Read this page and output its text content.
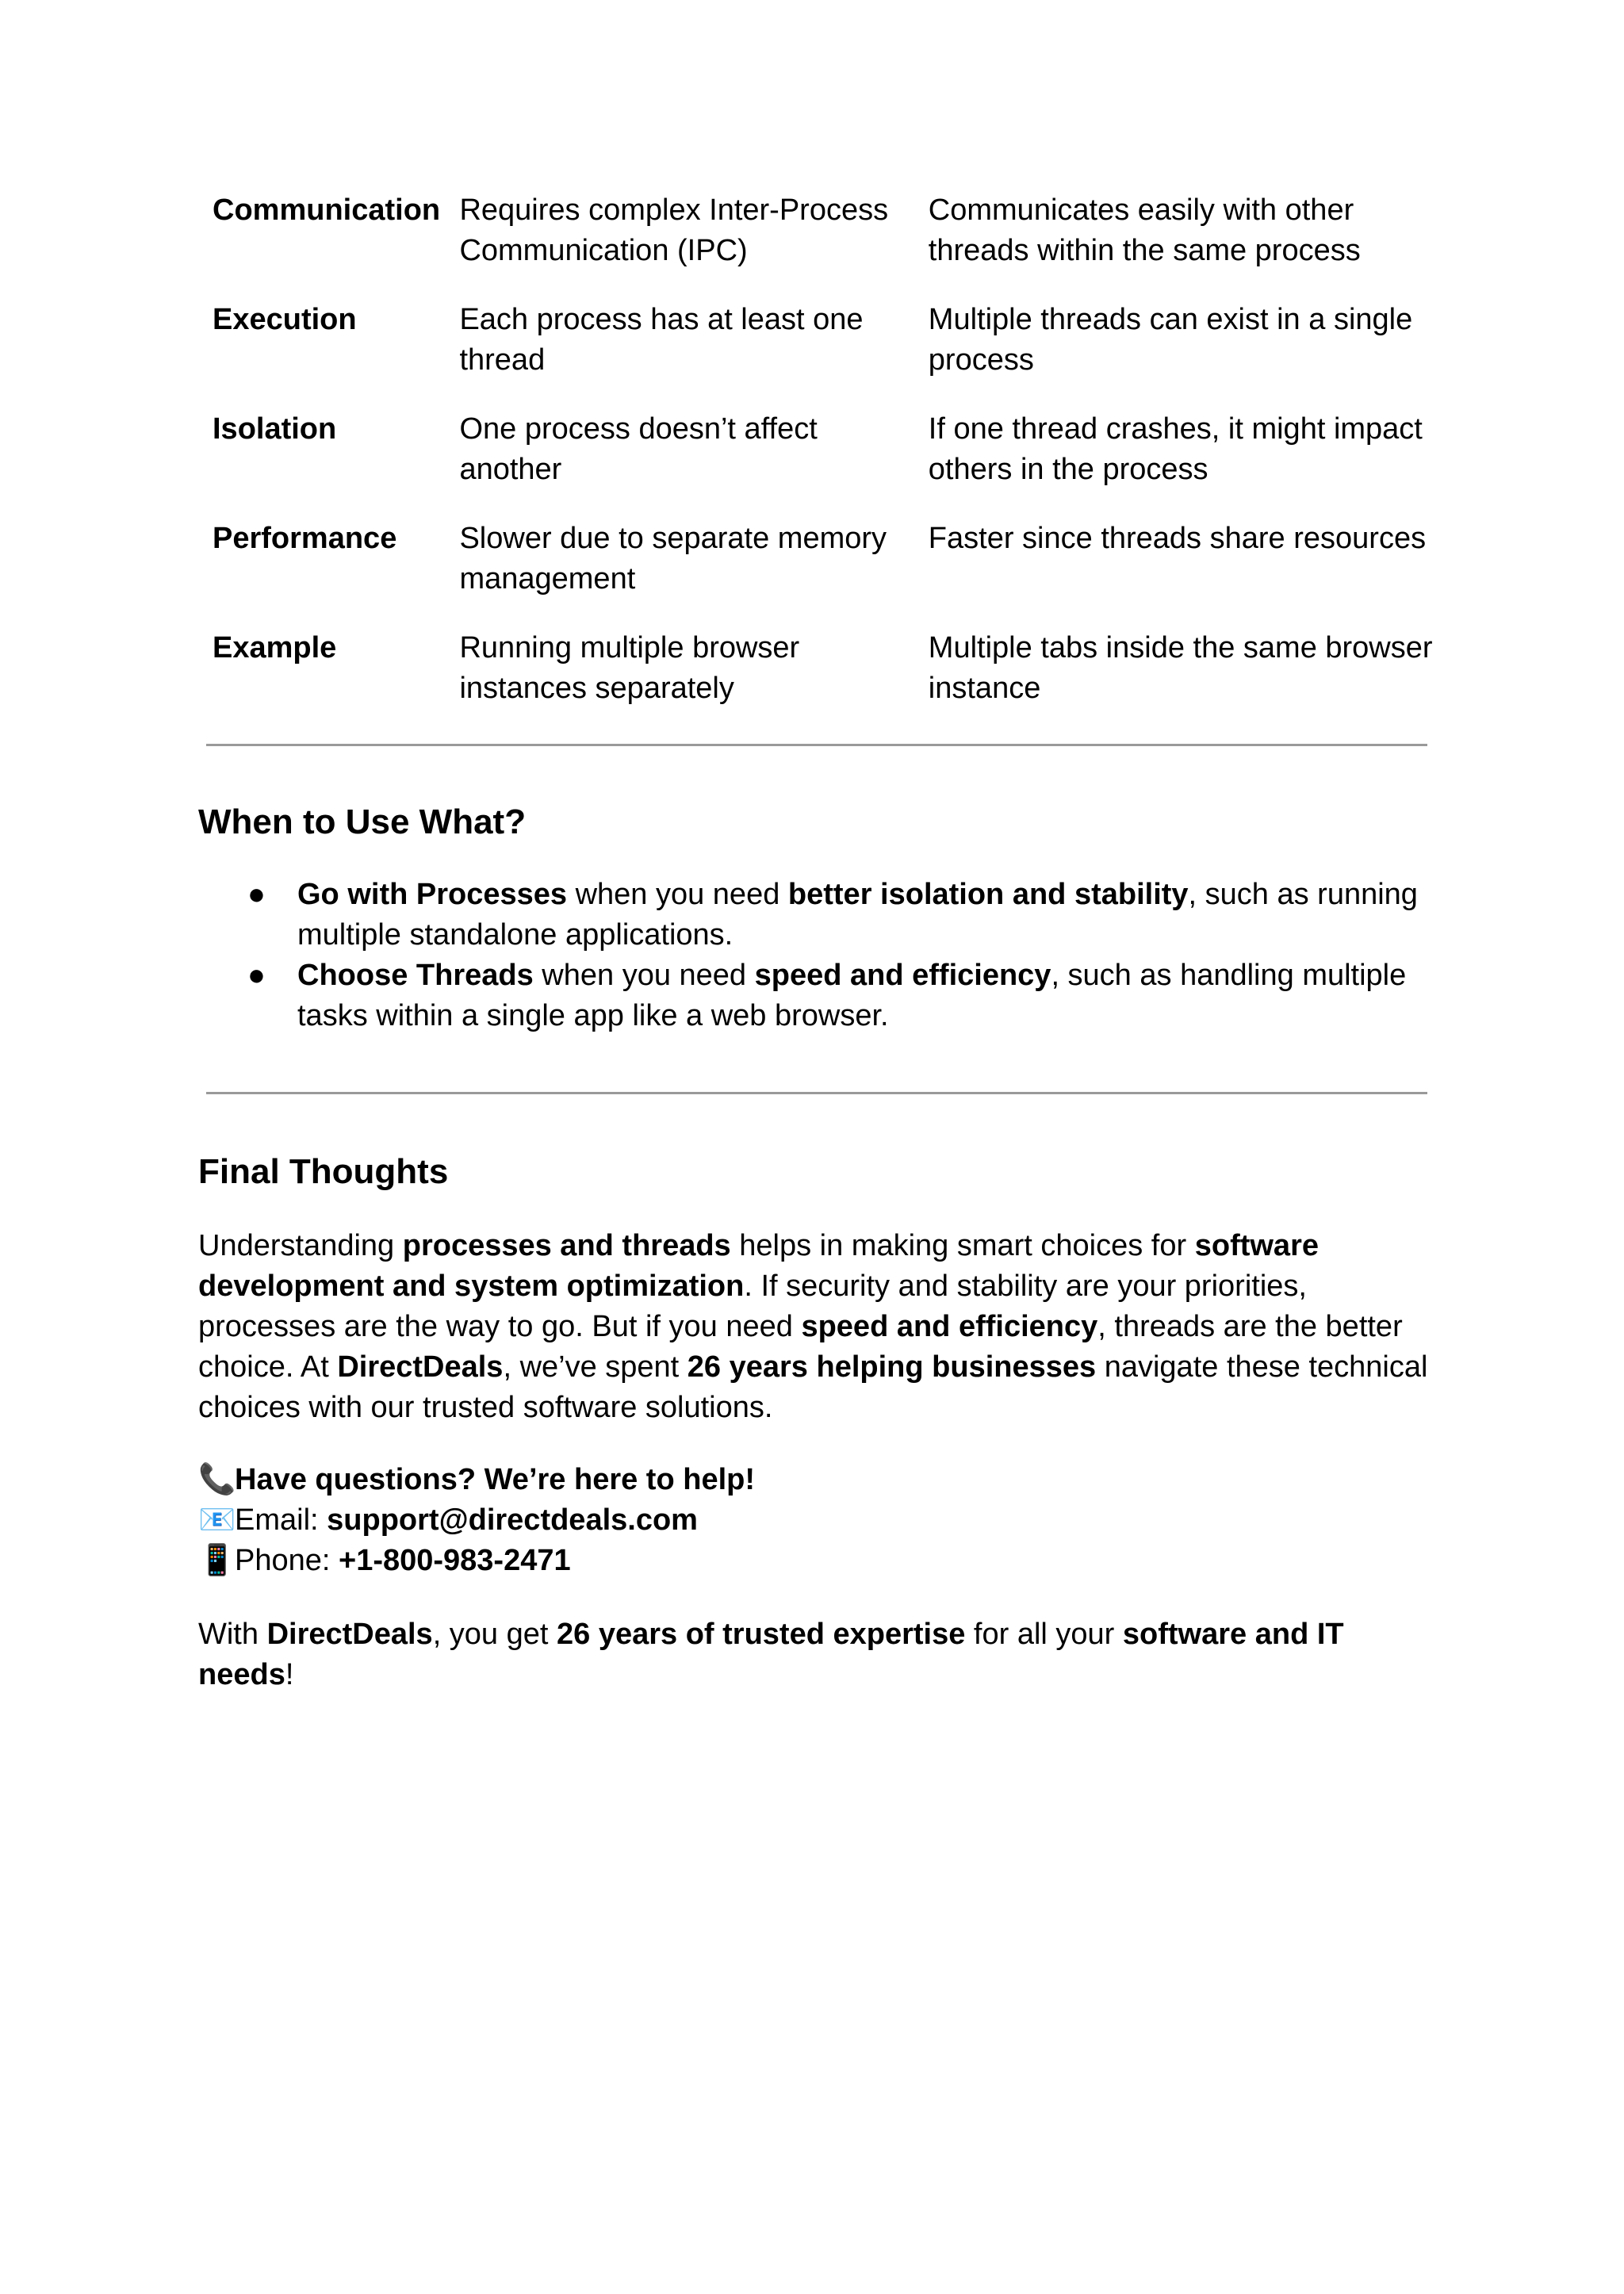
Communication	Requires complex Inter-Process Communication (IPC)	Communicates easily with other threads within the same process
Execution	Each process has at least one thread	Multiple threads can exist in a single process
Isolation	One process doesn’t affect another	If one thread crashes, it might impact others in the process
Performance	Slower due to separate memory management	Faster since threads share resources
Example	Running multiple browser instances separately	Multiple tabs inside the same browser instance
When to Use What?
● Go with Processes when you need better isolation and stability, such as running multiple standalone applications.
● Choose Threads when you need speed and efficiency, such as handling multiple tasks within a single app like a web browser.
Final Thoughts

Understanding processes and threads helps in making smart choices for software development and system optimization. If security and stability are your priorities, processes are the way to go. But if you need speed and efficiency, threads are the better choice. At DirectDeals, we’ve spent 26 years helping businesses navigate these technical choices with our trusted software solutions.

📞Have questions? We’re here to help!
📧Email: support@directdeals.com
📱Phone: +1-800-983-2471

With DirectDeals, you get 26 years of trusted expertise for all your software and IT needs!
